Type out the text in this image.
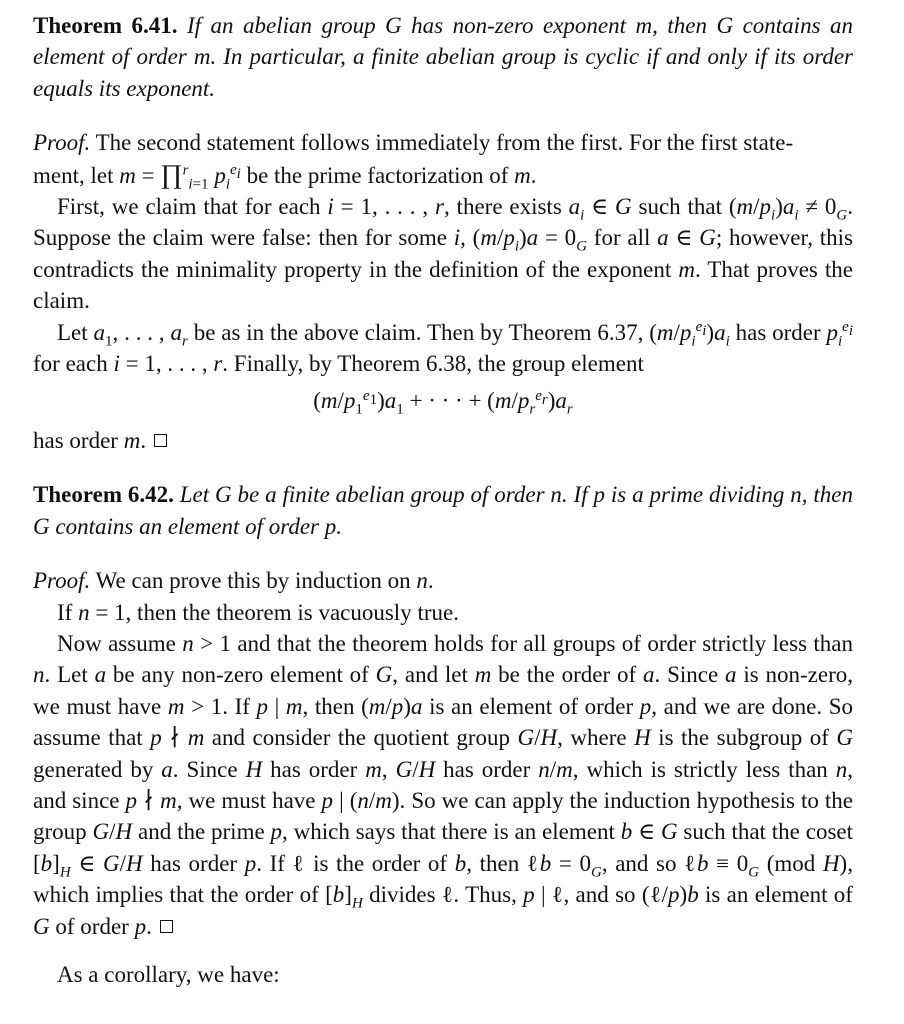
Theorem 6.41. If an abelian group G has non-zero exponent m, then G contains an element of order m. In particular, a finite abelian group is cyclic if and only if its order equals its exponent.

Proof. The second statement follows immediately from the first. For the first state-
ment, let m = ∏$^r_{i=1}$ $p_i^{e_i}$ be the prime factorization of m.

First, we claim that for each i = 1, . . . , r, there exists $a_i$ ∈ G such that $(m/p_i)a_i \ne 0_G$. Suppose the claim were false: then for some i, $(m/p_i)a = 0_G$ for all a ∈ G; however, this contradicts the minimality property in the definition of the exponent m. That proves the claim.

Let $a_1$, . . . , $a_r$ be as in the above claim. Then by Theorem 6.37, $(m/p_i^{e_i})a_i$ has order $p_i^{e_i}$ for each i = 1, . . . , r. Finally, by Theorem 6.38, the group element

$(m/p_1^{e_1})a_1$ + · · · + $(m/p_r^{e_r})a_r$

has order m.

Theorem 6.42. Let G be a finite abelian group of order n. If p is a prime dividing n, then G contains an element of order p.

Proof. We can prove this by induction on n.

If n = 1, then the theorem is vacuously true.

Now assume n > 1 and that the theorem holds for all groups of order strictly less than n. Let a be any non-zero element of G, and let m be the order of a. Since a is non-zero, we must have m > 1. If p | m, then (m/p)a is an element of order p, and we are done. So assume that p ∤ m and consider the quotient group G/H, where H is the subgroup of G generated by a. Since H has order m, G/H has order n/m, which is strictly less than n, and since p ∤ m, we must have p | (n/m). So we can apply the induction hypothesis to the group G/H and the prime p, which says that there is an element b ∈ G such that the coset $[b]_H$ ∈ G/H has order p. If ℓ is the order of b, then ℓb = $0_G$, and so ℓb ≡ $0_G$ (mod H), which implies that the order of $[b]_H$ divides ℓ. Thus, p | ℓ, and so (ℓ/p)b is an element of G of order p.

As a corollary, we have:
